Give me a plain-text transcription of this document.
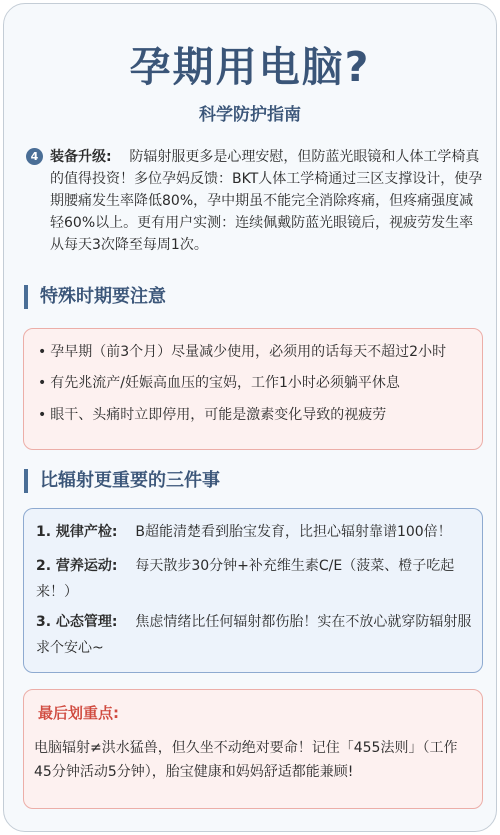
孕期用电脑?
科学防护指南
4 装备升级: 防辐射服更多是心理安慰，但防蓝光眼镜和人体工学椅真的值得投资！多位孕妈反馈：BKT人体工学椅通过三区支撑设计，使孕期腰痛发生率降低80%，孕中期虽不能完全消除疼痛，但疼痛强度减轻60%以上。更有用户实测：连续佩戴防蓝光眼镜后，视疲劳发生率从每天3次降至每周1次。
特殊时期要注意
• 孕早期（前3个月）尽量减少使用，必须用的话每天不超过2小时
• 有先兆流产/妊娠高血压的宝妈，工作1小时必须躺平休息
• 眼干、头痛时立即停用，可能是激素变化导致的视疲劳
比辐射更重要的三件事
1. 规律产检: B超能清楚看到胎宝发育，比担心辐射靠谱100倍！
2. 营养运动: 每天散步30分钟+补充维生素C/E（菠菜、橙子吃起来！）
3. 心态管理: 焦虑情绪比任何辐射都伤胎！实在不放心就穿防辐射服求个安心~
最后划重点:
电脑辐射≠洪水猛兽，但久坐不动绝对要命！记住「455法则」（工作45分钟活动5分钟），胎宝健康和妈妈舒适都能兼顾!
